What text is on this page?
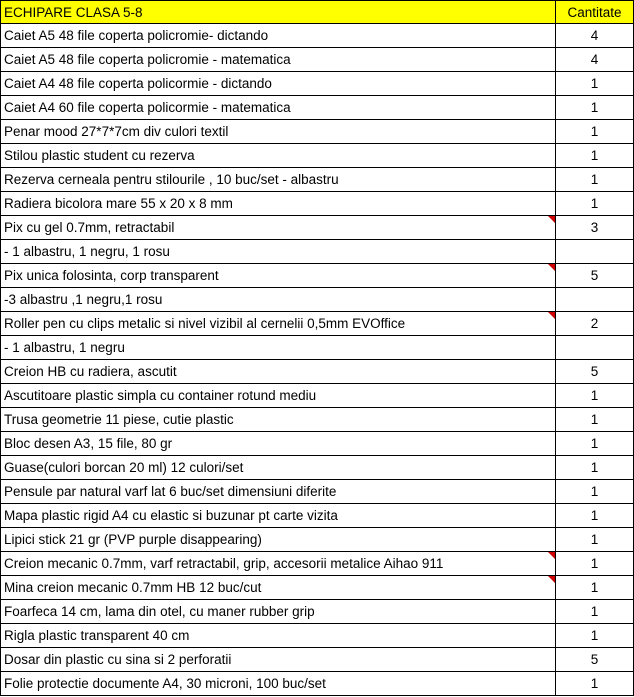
ECHIPARE CLASA 5-8	Cantitate
Caiet A5 48 file coperta policromie- dictando	4
Caiet A5 48 file coperta policromie - matematica	4
Caiet A4 48 file coperta policormie - dictando	1
Caiet A4 60 file coperta policormie - matematica	1
Penar mood 27*7*7cm div culori textil	1
Stilou plastic student cu rezerva	1
Rezerva cerneala pentru stilourile , 10 buc/set - albastru	1
Radiera bicolora mare 55 x 20 x 8 mm	1
Pix cu gel 0.7mm, retractabil	3
- 1 albastru, 1 negru, 1 rosu	
Pix unica folosinta, corp transparent	5
-3 albastru ,1 negru,1 rosu	
Roller pen cu clips metalic si nivel vizibil al cernelii 0,5mm EVOffice	2
- 1 albastru, 1 negru	
Creion HB cu radiera, ascutit	5
Ascutitoare plastic simpla cu container rotund mediu	1
Trusa geometrie 11 piese, cutie plastic	1
Bloc desen A3, 15 file, 80 gr	1
Guase(culori borcan 20 ml) 12 culori/set	1
Pensule par natural varf lat 6 buc/set dimensiuni diferite	1
Mapa plastic rigid A4 cu elastic si buzunar pt carte vizita	1
Lipici stick 21 gr (PVP purple disappearing)	1
Creion mecanic 0.7mm, varf retractabil, grip, accesorii metalice Aihao 911	1
Mina creion mecanic 0.7mm HB 12 buc/cut	1
Foarfeca 14 cm, lama din otel, cu maner rubber grip	1
Rigla plastic transparent 40 cm	1
Dosar din plastic cu sina si 2 perforatii	5
Folie protectie documente A4, 30 microni, 100 buc/set	1
